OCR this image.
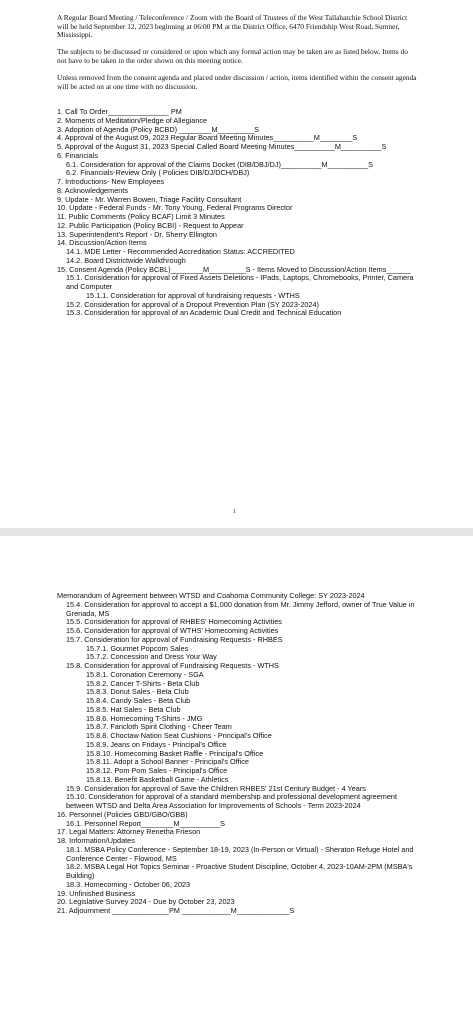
A Regular Board Meeting / Teleconference / Zoom with the Board of Trustees of the West Tallahatchie School District will be held September 12, 2023 beginning at 06:00 PM at the District Office, 6470 Friendship West Road, Sumner, Mississippi.

The subjects to be discussed or considered or upon which any formal action may be taken are as listed below. Items do not have to be taken in the order shown on this meeting notice.

Unless removed from the consent agenda and placed under discussion / action, items identified within the consent agenda will be acted on at one time with no discussion.

1. Call To Order_______________ PM
2. Moments of Meditation/Pledge of Allegiance
3. Adoption of Agenda (Policy BCBD) ________M_________S
4. Approval of the August 09, 2023 Regular Board Meeting Minutes__________M________S
5. Approval of the August 31, 2023 Special Called Board Meeting Minutes__________M__________S
6. Financials
6.1. Consideration for approval of the Claims Docket (DIB/DBJ/DJ)__________M__________S
6.2. Financials-Review Only ( Policies DIB/DJ/DCH/DBJ)
7. Introductions- New Employees
8. Acknowledgements
9. Update - Mr. Warren Bowen, Triage Facility Consultant
10. Update - Federal Funds - Mr. Tony Young, Federal Programs Director
11. Public Comments (Policy BCAF) Limit 3 Minutes
12. Public Participation (Policy BCBI) - Request to Appear
13. Superintendent's Report - Dr. Sherry Ellington
14. Discussion/Action Items
14.1. MDE Letter - Recommended Accreditation Status: ACCREDITED
14.2. Board Districtwide Walkthrough
15. Consent Agenda (Policy BCBL)________M_________S - Items Moved to Discussion/Action Items______
15.1. Consideration for approval of Fixed Assets Deletions - IPads, Laptops, Chromebooks, Printer, Camera and Computer
15.1.1. Consideration for approval of fundraising requests - WTHS
15.2. Consideration for approval of a Dropout Prevention Plan (SY 2023-2024)
15.3. Consideration for approval of an Academic Dual Credit and Technical Education
1
Memorandum of Agreement between WTSD and Coahoma Community College: SY 2023-2024
15.4. Consideration for approval to accept a $1,000 donation from Mr. Jimmy Jefford, owner of True Value in Grenada, MS
15.5. Consideration for approval of RHBES' Homecoming Activities
15.6. Consideration for approval of WTHS' Homecoming Activities
15.7. Consideration for approval of Fundraising Requests - RHBES
15.7.1. Gourmet Popcorn Sales
15.7.2. Concession and Dress Your Way
15.8. Consideration for approval of Fundraising Requests - WTHS
15.8.1. Coronation Ceremony - SGA
15.8.2. Cancer T-Shirts - Beta Club
15.8.3. Donut Sales - Beta Club
15.8.4. Candy Sales - Beta Club
15.8.5. Hat Sales - Beta Club
15.8.6. Homecoming T-Shirts - JMG
15.8.7. Fancloth Spirit Clothing - Cheer Team
15.8.8. Choctaw Nation Seat Cushions - Principal's Office
15.8.9. Jeans on Fridays - Principal's Office
15.8.10. Homecoming Basket Raffle - Principal's Office
15.8.11. Adopt a School Banner - Principal's Office
15.8.12. Pom Pom Sales - Principal's Office
15.8.13. Benefit Basketball Game - Athletics
15.9. Consideration for approval of Save the Children RHBES' 21st Century Budget - 4 Years
15.10. Consideration for approval of a standard membership and professional development agreement between WTSD and Delta Area Association for Improvements of Schools - Term 2023-2024
16. Personnel (Policies GBD/GBO/GBB)
16.1. Personnel Report________M__________S
17. Legal Matters: Attorney Renetha Frieson
18. Information/Updates
18.1. MSBA Policy Conference - September 18-19, 2023 (In-Person or Virtual) - Sheraton Refuge Hotel and Conference Center - Flowood, MS
18.2. MSBA Legal Hot Topics Seminar - Proactive Student Discipline, October 4, 2023-10AM-2PM (MSBA's Building)
18.3. Homecoming - October 06, 2023
19. Unfinished Business
20. Legislative Survey 2024 - Due by October 23, 2023
21. Adjournment ______________PM ____________M_____________S
